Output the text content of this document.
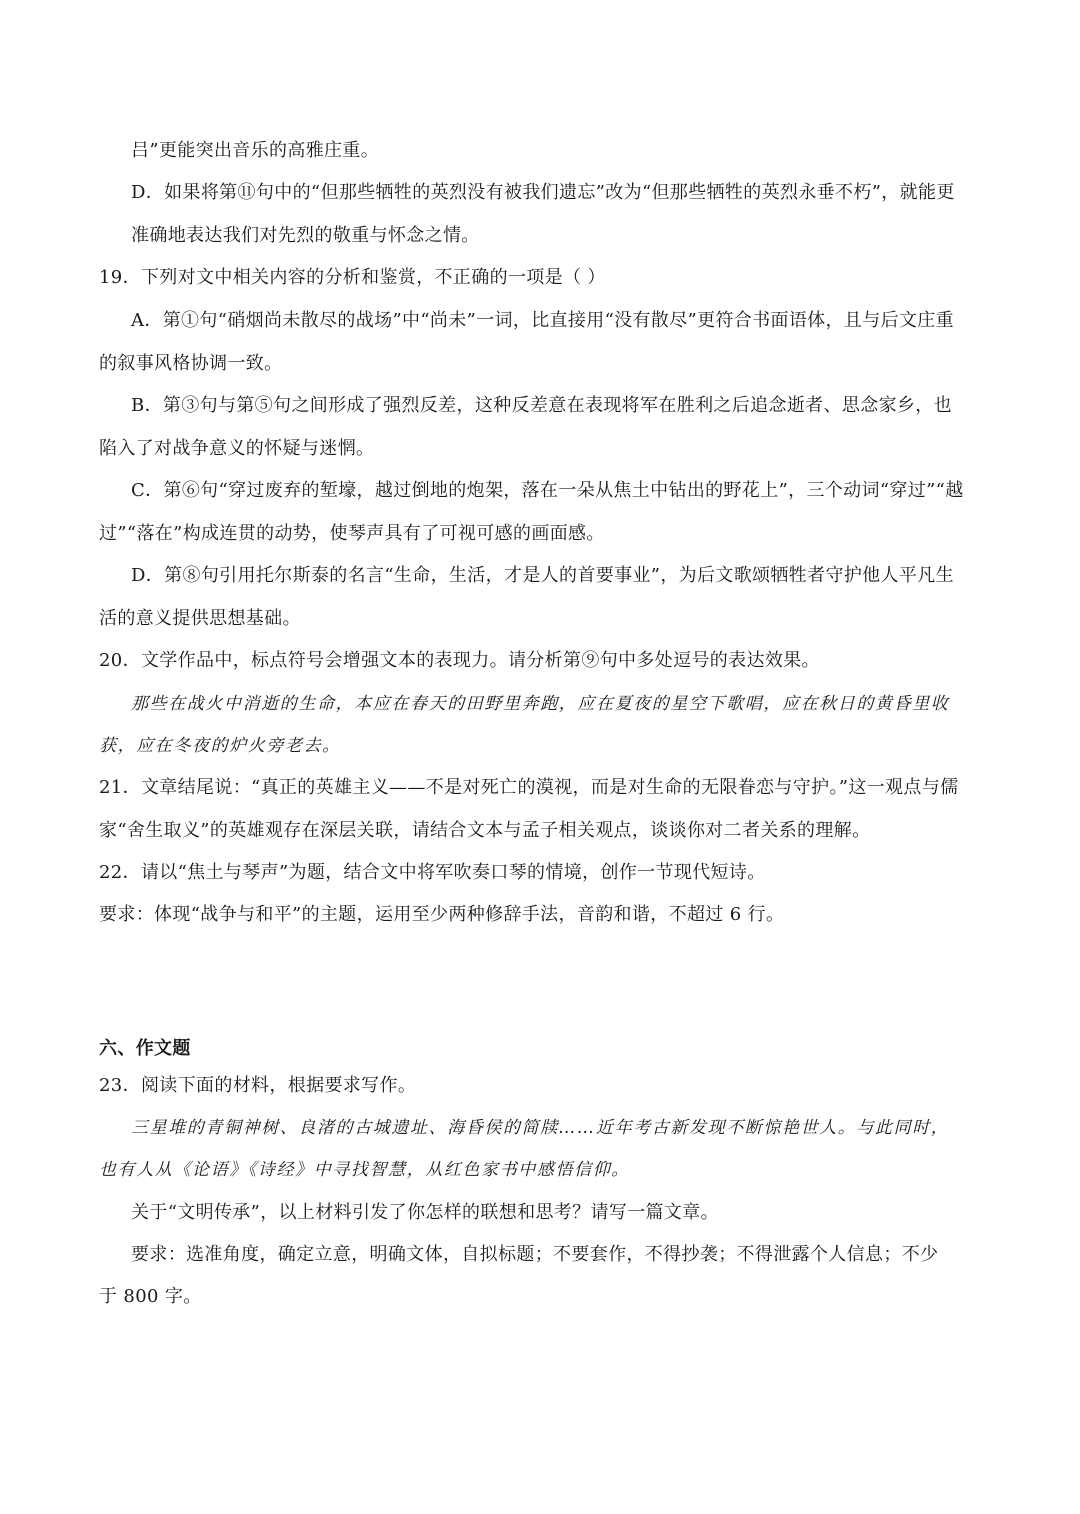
吕”更能突出音乐的高雅庄重。
D．如果将第⑪句中的“但那些牺牲的英烈没有被我们遗忘”改为“但那些牺牲的英烈永垂不朽”，就能更
准确地表达我们对先烈的敬重与怀念之情。
19．下列对文中相关内容的分析和鉴赏，不正确的一项是（ ）
A．第①句“硝烟尚未散尽的战场”中“尚未”一词，比直接用“没有散尽”更符合书面语体，且与后文庄重
的叙事风格协调一致。
B．第③句与第⑤句之间形成了强烈反差，这种反差意在表现将军在胜利之后追念逝者、思念家乡，也
陷入了对战争意义的怀疑与迷惘。
C．第⑥句“穿过废弃的堑壕，越过倒地的炮架，落在一朵从焦土中钻出的野花上”，三个动词“穿过”“越
过”“落在”构成连贯的动势，使琴声具有了可视可感的画面感。
D．第⑧句引用托尔斯泰的名言“生命，生活，才是人的首要事业”，为后文歌颂牺牲者守护他人平凡生
活的意义提供思想基础。
20．文学作品中，标点符号会增强文本的表现力。请分析第⑨句中多处逗号的表达效果。
那些在战火中消逝的生命，本应在春天的田野里奔跑，应在夏夜的星空下歌唱，应在秋日的黄昏里收
获，应在冬夜的炉火旁老去。
21．文章结尾说：“真正的英雄主义——不是对死亡的漠视，而是对生命的无限眷恋与守护。”这一观点与儒
家“舍生取义”的英雄观存在深层关联，请结合文本与孟子相关观点，谈谈你对二者关系的理解。
22．请以“焦土与琴声”为题，结合文中将军吹奏口琴的情境，创作一节现代短诗。
要求：体现“战争与和平”的主题，运用至少两种修辞手法，音韵和谐，不超过 6 行。
六、作文题
23．阅读下面的材料，根据要求写作。
三星堆的青铜神树、良渚的古城遗址、海昏侯的简牍……近年考古新发现不断惊艳世人。与此同时，
也有人从《论语》《诗经》中寻找智慧，从红色家书中感悟信仰。
关于“文明传承”，以上材料引发了你怎样的联想和思考？请写一篇文章。
要求：选准角度，确定立意，明确文体，自拟标题；不要套作，不得抄袭；不得泄露个人信息；不少
于 800 字。
